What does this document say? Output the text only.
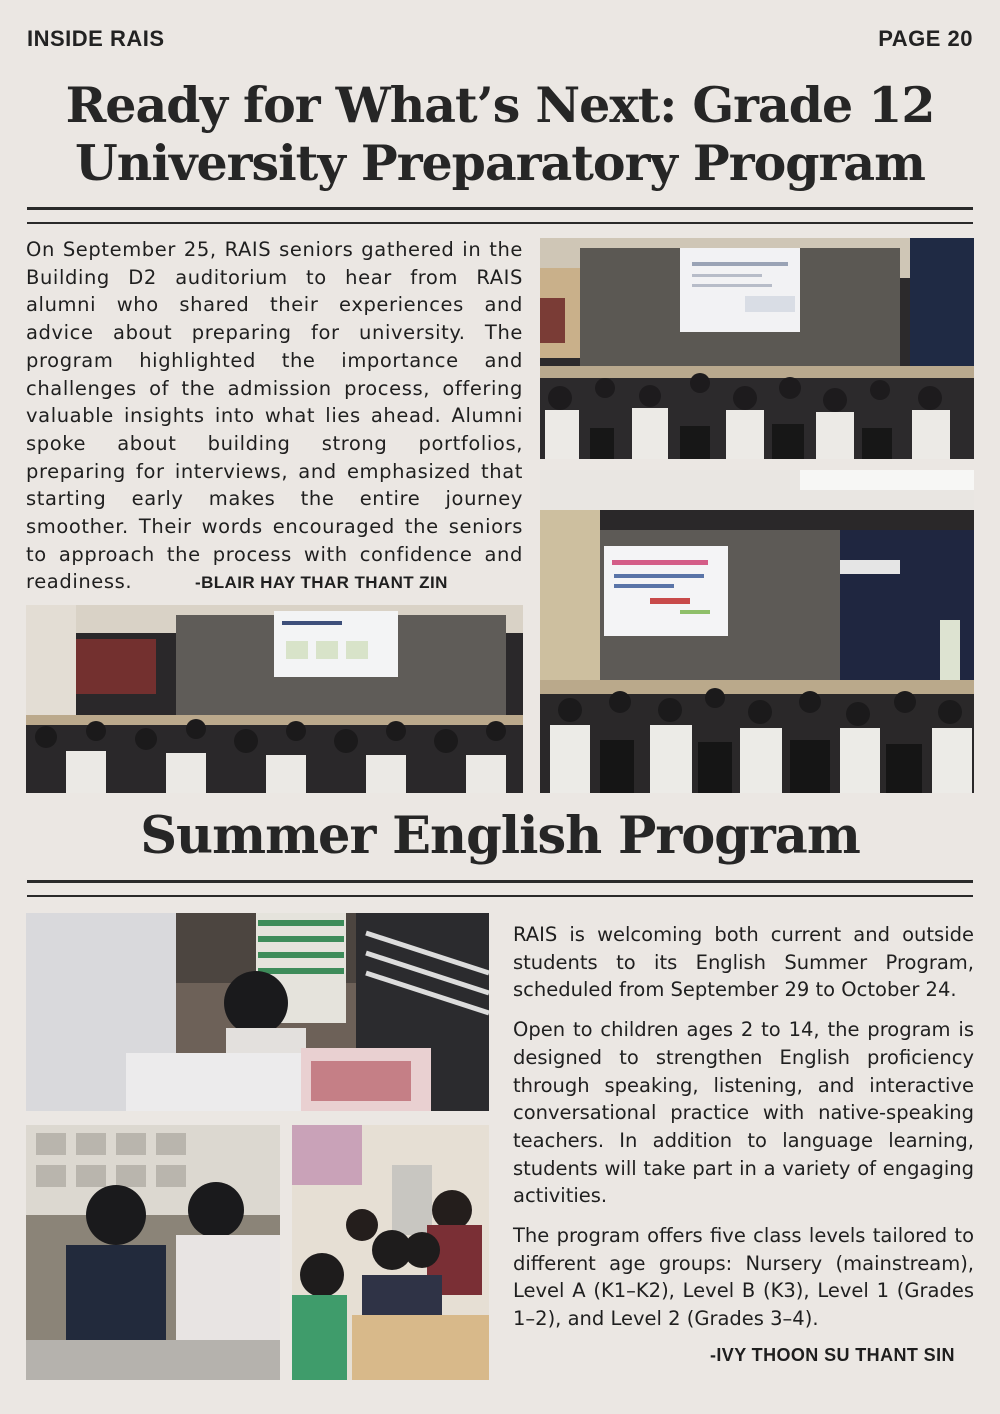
INSIDE RAIS	PAGE 20
Ready for What’s Next: Grade 12
University Preparatory Program
On September 25, RAIS seniors gathered in the Building D2 auditorium to hear from RAIS alumni who shared their experiences and advice about preparing for university. The program highlighted the importance and challenges of the admission process, offering valuable insights into what lies ahead. Alumni spoke about building strong portfolios, preparing for interviews, and emphasized that starting early makes the entire journey smoother. Their words encouraged the seniors to approach the process with confidence and readiness.	-BLAIR HAY THAR THANT ZIN
Summer English Program

RAIS is welcoming both current and outside students to its English Summer Program, scheduled from September 29 to October 24.

Open to children ages 2 to 14, the program is designed to strengthen English proficiency through speaking, listening, and interactive conversational practice with native-speaking teachers. In addition to language learning, students will take part in a variety of engaging activities.

The program offers five class levels tailored to different age groups: Nursery (mainstream), Level A (K1–K2), Level B (K3), Level 1 (Grades 1–2), and Level 2 (Grades 3–4).

-IVY THOON SU THANT SIN
